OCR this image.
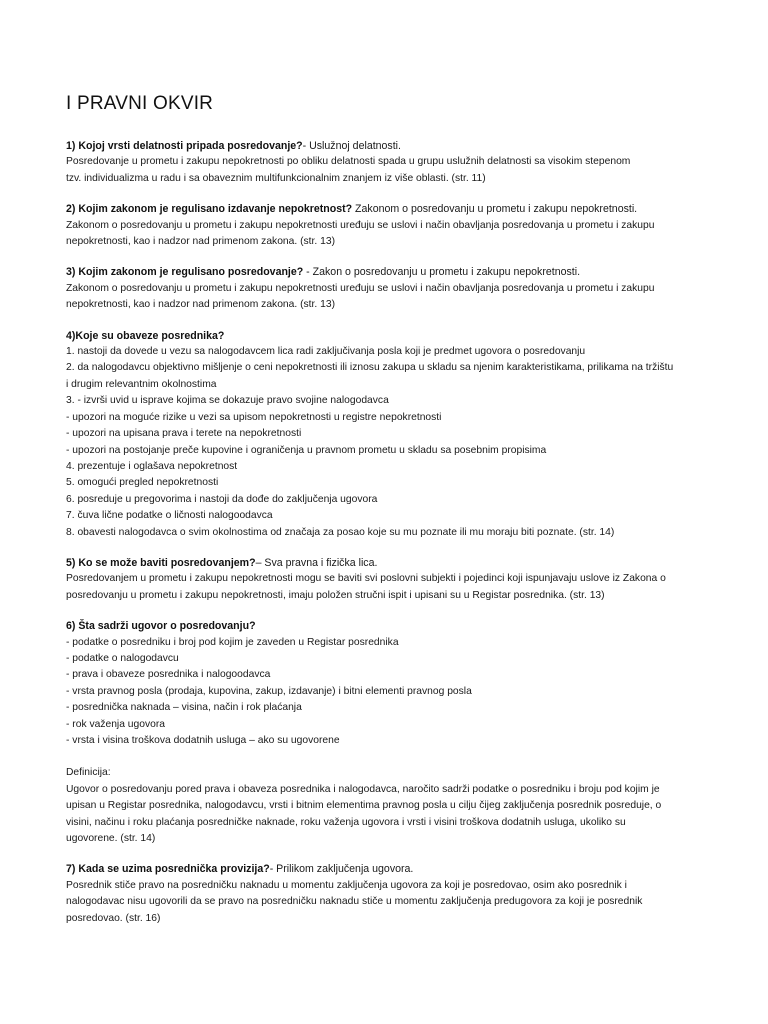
I PRAVNI OKVIR

1) Kojoj vrsti delatnosti pripada posredovanje?- Uslužnoj delatnosti.

Posredovanje u prometu i zakupu nepokretnosti po obliku delatnosti spada u grupu uslužnih delatnosti sa visokim stepenom

tzv. individualizma u radu i sa obaveznim multifunkcionalnim znanjem iz više oblasti. (str. 11)

2) Kojim zakonom je regulisano izdavanje nepokretnost? Zakonom o posredovanju u prometu i zakupu nepokretnosti.

Zakonom o posredovanju u prometu i zakupu nepokretnosti uređuju se uslovi i način obavljanja posredovanja u prometu i zakupu

nepokretnosti, kao i nadzor nad primenom zakona. (str. 13)

3) Kojim zakonom je regulisano posredovanje? - Zakon o posredovanju u prometu i zakupu nepokretnosti.

Zakonom o posredovanju u prometu i zakupu nepokretnosti uređuju se uslovi i način obavljanja posredovanja u prometu i zakupu

nepokretnosti, kao i nadzor nad primenom zakona. (str. 13)

4)Koje su obaveze posrednika?

1. nastoji da dovede u vezu sa nalogodavcem lica radi zaključivanja posla koji je predmet ugovora o posredovanju

2. da nalogodavcu objektivno mišljenje o ceni nepokretnosti ili iznosu zakupa u skladu sa njenim karakteristikama, prilikama na tržištu

i drugim relevantnim okolnostima

3. - izvrši uvid u isprave kojima se dokazuje pravo svojine nalogodavca

- upozori na moguće rizike u vezi sa upisom nepokretnosti u registre nepokretnosti

- upozori na upisana prava i terete na nepokretnosti

- upozori na postojanje preče kupovine i ograničenja u pravnom prometu u skladu sa posebnim propisima

4. prezentuje i oglašava nepokretnost

5. omogući pregled nepokretnosti

6. posreduje u pregovorima i nastoji da dođe do zaključenja ugovora

7. čuva lične podatke o ličnosti nalogoodavca

8. obavesti nalogodavca o svim okolnostima od značaja za posao koje su mu poznate ili mu moraju biti poznate. (str. 14)

5) Ko se može baviti posredovanjem?– Sva pravna i fizička lica.

Posredovanjem u prometu i zakupu nepokretnosti mogu se baviti svi poslovni subjekti i pojedinci koji ispunjavaju uslove iz Zakona o

posredovanju u prometu i zakupu nepokretnosti, imaju položen stručni ispit i upisani su u Registar posrednika. (str. 13)

6) Šta sadrži ugovor o posredovanju?

- podatke o posredniku i broj pod kojim je zaveden u Registar posrednika

- podatke o nalogodavcu

- prava i obaveze posrednika i nalogoodavca

- vrsta pravnog posla (prodaja, kupovina, zakup, izdavanje) i bitni elementi pravnog posla

- posrednička naknada – visina, način i rok plaćanja

- rok važenja ugovora

- vrsta i visina troškova dodatnih usluga – ako su ugovorene

Definicija:

Ugovor o posredovanju pored prava i obaveza posrednika i nalogodavca, naročito sadrži podatke o posredniku i broju pod kojim je

upisan u Registar posrednika, nalogodavcu, vrsti i bitnim elementima pravnog posla u cilju čijeg zaključenja posrednik posreduje, o

visini, načinu i roku plaćanja posredničke naknade, roku važenja ugovora i vrsti i visini troškova dodatnih usluga, ukoliko su

ugovorene. (str. 14)

7) Kada se uzima posrednička provizija?- Prilikom zaključenja ugovora.

Posrednik stiče pravo na posredničku naknadu u momentu zaključenja ugovora za koji je posredovao, osim ako posrednik i

nalogodavac nisu ugovorili da se pravo na posredničku naknadu stiče u momentu zaključenja predugovora za koji je posrednik

posredovao. (str. 16)
